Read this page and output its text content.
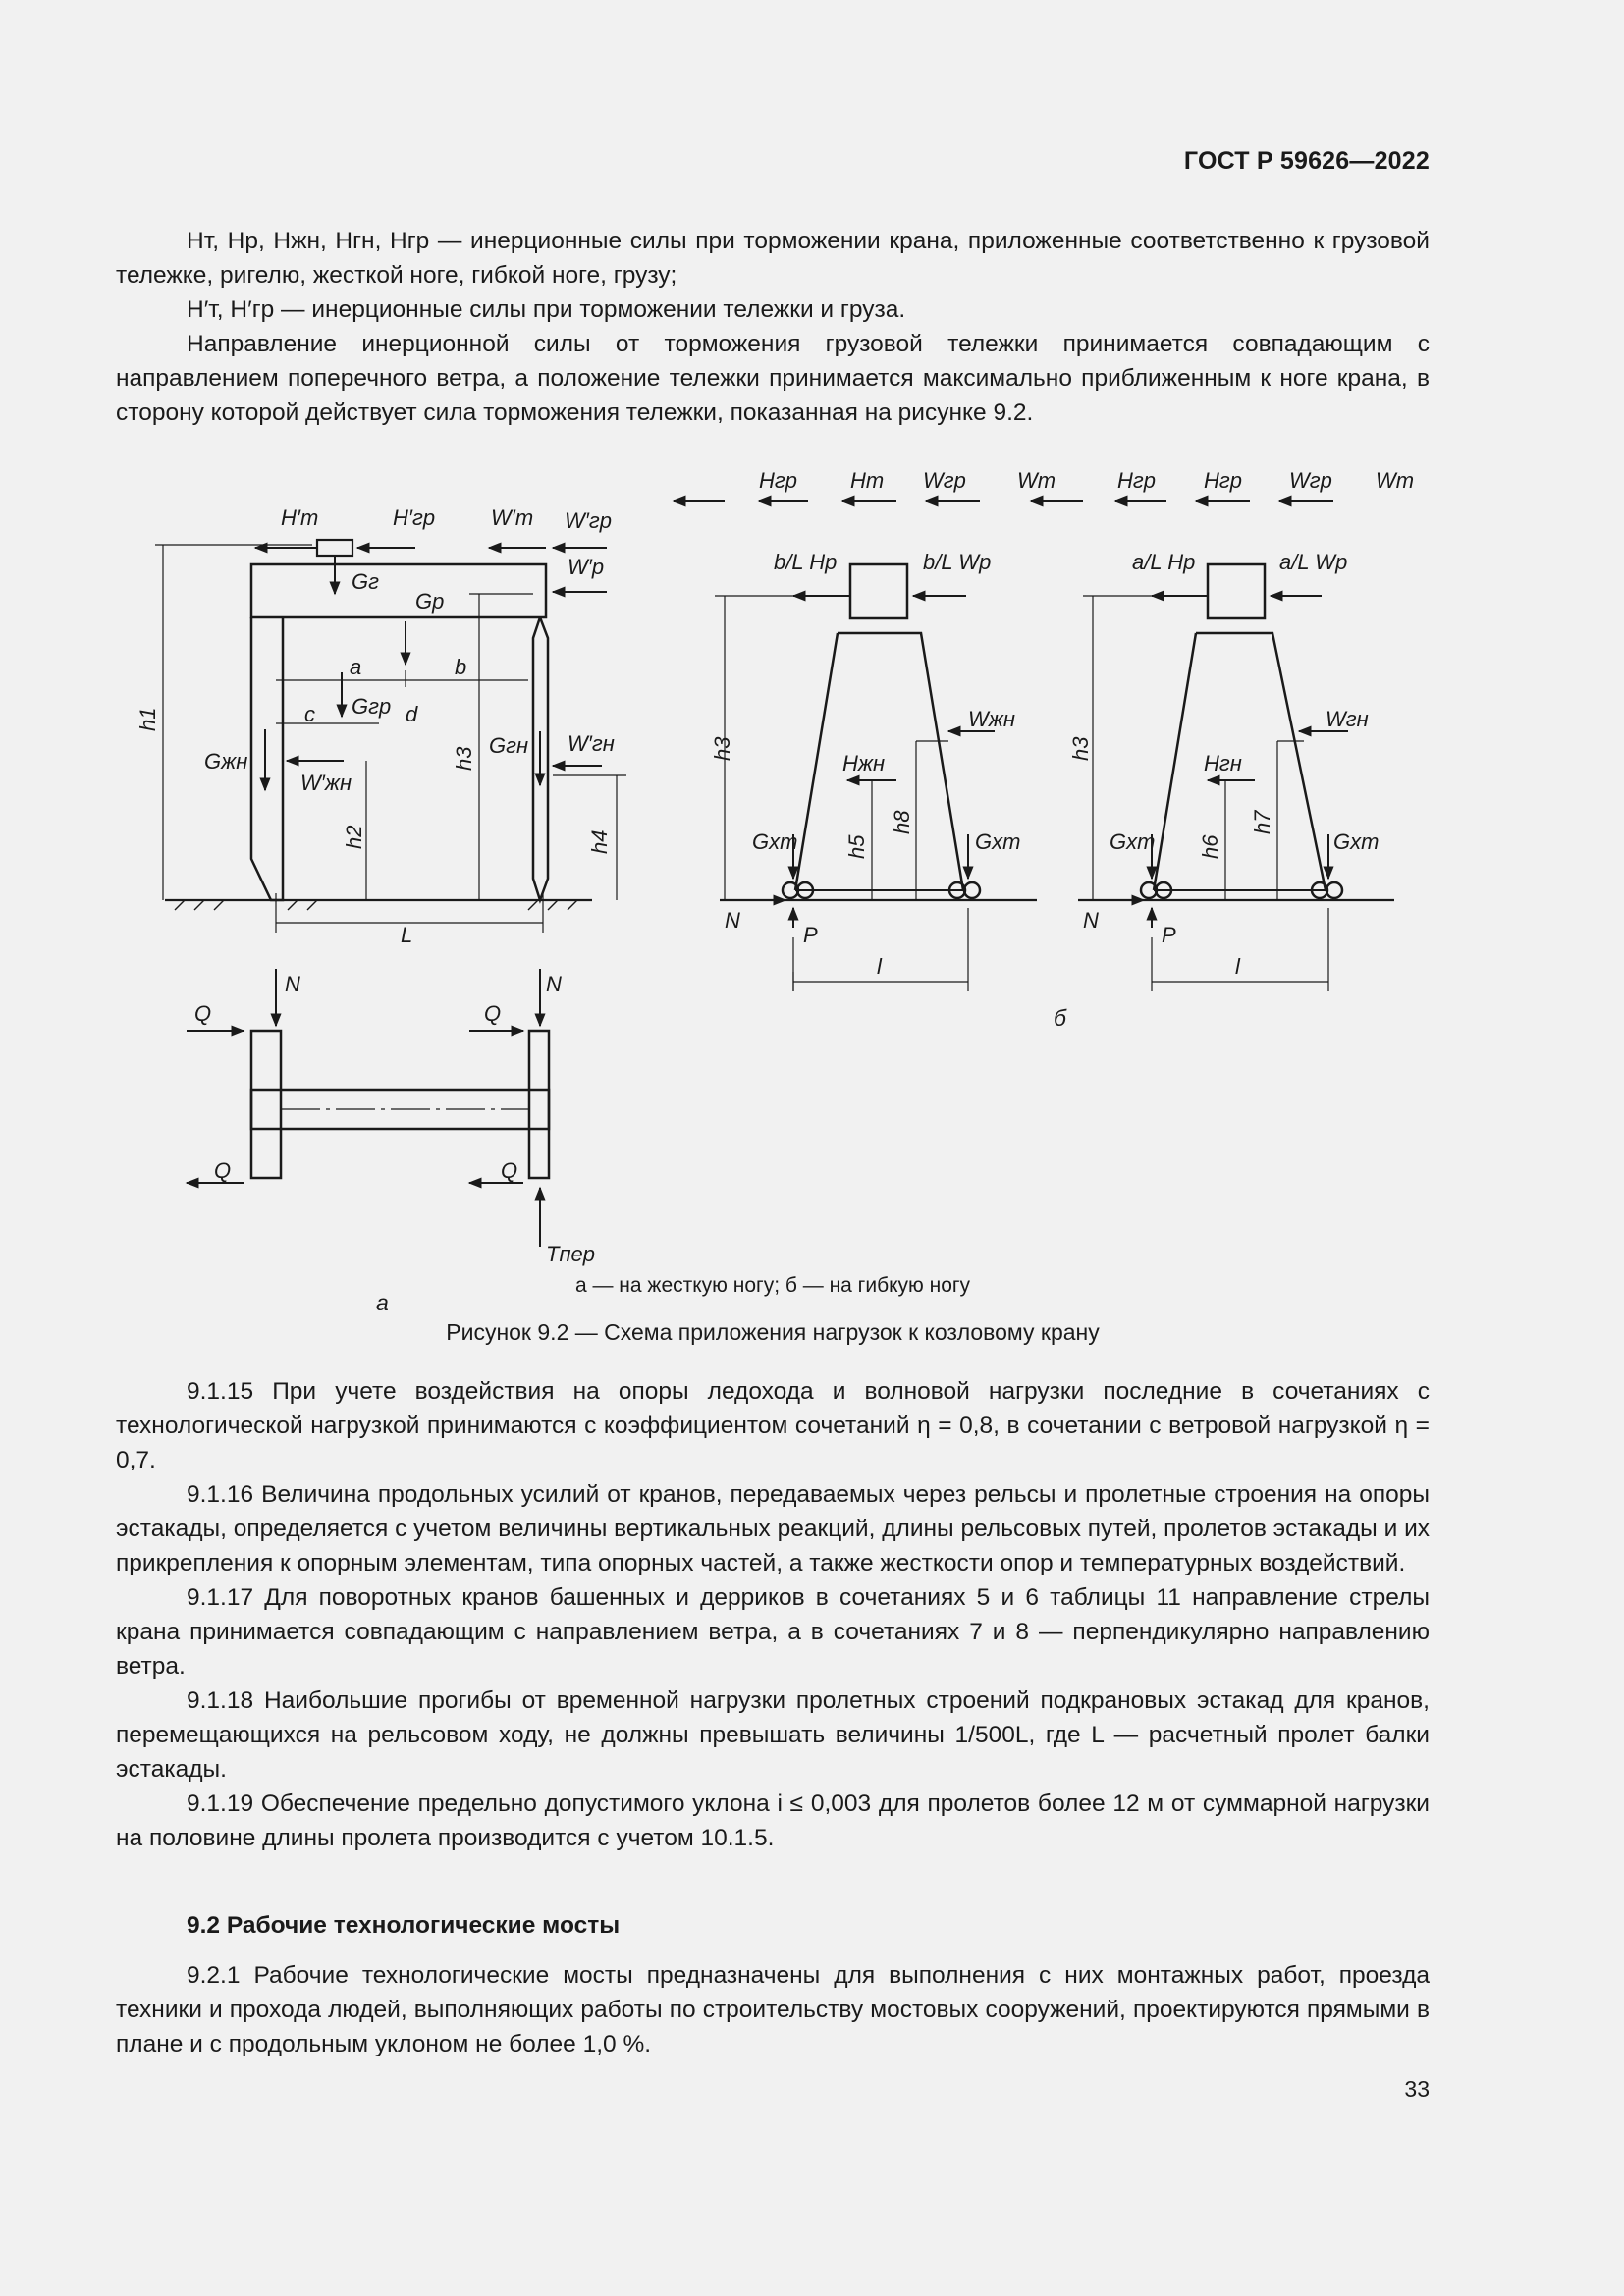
ГОСТ Р 59626—2022

Hт, Hр, Hжн, Hгн, Hгр — инерционные силы при торможении крана, приложенные соответственно к грузовой тележке, ригелю, жесткой ноге, гибкой ноге, грузу;

H′т, H′гр — инерционные силы при торможении тележки и груза.

Направление инерционной силы от торможения грузовой тележки принимается совпадающим с направлением поперечного ветра, а положение тележки принимается максимально приближенным к ноге крана, в сторону которой действует сила торможения тележки, показанная на рисунке 9.2.

H′т	H′гр	W′т W′гр
W′р
Gг
Gр
a	b
c Gгр d
h1
h2
h3
h4
Gжн
Gгн
W′жн
W′гн
L
N	N
Q	Q
Q	Q
Tпер
а
Hгр Hт Wгр Wт
b/L Hр	b/L Wр
Wжн
Hжн
h3
h5
h8
Gхт	Gхт
N
P
l
Hгр Hгр Wгр Wт
a/L Hр	a/L Wр
Wгн
Hгн
h3
h6
h7
Gхт	Gхт
N
P
l
б
а — на жесткую ногу; б — на гибкую ногу
Рисунок 9.2 — Схема приложения нагрузок к козловому крану

9.1.15 При учете воздействия на опоры ледохода и волновой нагрузки последние в сочетаниях с технологической нагрузкой принимаются с коэффициентом сочетаний η = 0,8, в сочетании с ветровой нагрузкой η = 0,7.

9.1.16 Величина продольных усилий от кранов, передаваемых через рельсы и пролетные строения на опоры эстакады, определяется с учетом величины вертикальных реакций, длины рельсовых путей, пролетов эстакады и их прикрепления к опорным элементам, типа опорных частей, а также жесткости опор и температурных воздействий.

9.1.17 Для поворотных кранов башенных и дерриков в сочетаниях 5 и 6 таблицы 11 направление стрелы крана принимается совпадающим с направлением ветра, а в сочетаниях 7 и 8 — перпендикулярно направлению ветра.

9.1.18 Наибольшие прогибы от временной нагрузки пролетных строений подкрановых эстакад для кранов, перемещающихся на рельсовом ходу, не должны превышать величины 1/500L, где L — расчетный пролет балки эстакады.

9.1.19 Обеспечение предельно допустимого уклона i ≤ 0,003 для пролетов более 12 м от суммарной нагрузки на половине длины пролета производится с учетом 10.1.5.

9.2 Рабочие технологические мосты

9.2.1 Рабочие технологические мосты предназначены для выполнения с них монтажных работ, проезда техники и прохода людей, выполняющих работы по строительству мостовых сооружений, проектируются прямыми в плане и с продольным уклоном не более 1,0 %.

33
